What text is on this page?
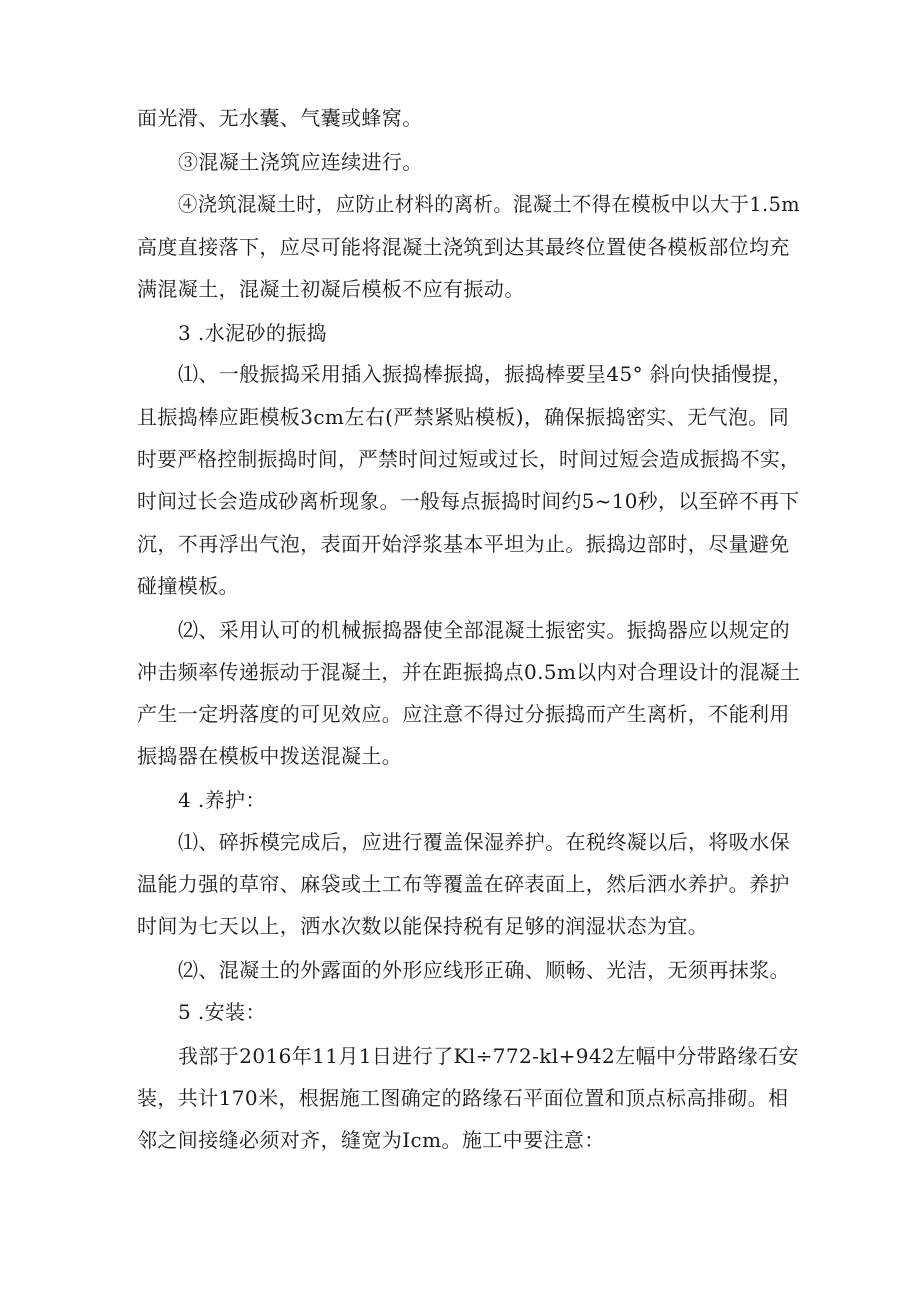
面光滑、无水囊、气囊或蜂窝。
③混凝土浇筑应连续进行。
④浇筑混凝土时，应防止材料的离析。混凝土不得在模板中以大于1.5m
高度直接落下，应尽可能将混凝土浇筑到达其最终位置使各模板部位均充
满混凝土，混凝土初凝后模板不应有振动。
3 .水泥砂的振捣
⑴、一般振捣采用插入振捣棒振捣，振捣棒要呈45° 斜向快插慢提，
且振捣棒应距模板3cm左右(严禁紧贴模板)，确保振捣密实、无气泡。同
时要严格控制振捣时间，严禁时间过短或过长，时间过短会造成振捣不实，
时间过长会造成砂离析现象。一般每点振捣时间约5~10秒，以至碎不再下
沉，不再浮出气泡，表面开始浮浆基本平坦为止。振捣边部时，尽量避免
碰撞模板。
⑵、采用认可的机械振捣器使全部混凝土振密实。振捣器应以规定的
冲击频率传递振动于混凝土，并在距振捣点0.5m以内对合理设计的混凝土
产生一定坍落度的可见效应。应注意不得过分振捣而产生离析，不能利用
振捣器在模板中拨送混凝土。
4 .养护：
⑴、碎拆模完成后，应进行覆盖保湿养护。在税终凝以后，将吸水保
温能力强的草帘、麻袋或土工布等覆盖在碎表面上，然后洒水养护。养护
时间为七天以上，洒水次数以能保持税有足够的润湿状态为宜。
⑵、混凝土的外露面的外形应线形正确、顺畅、光洁，无须再抹浆。
5 .安装：
我部于2016年11月1日进行了Kl÷772-kl+942左幅中分带路缘石安
装，共计170米，根据施工图确定的路缘石平面位置和顶点标高排砌。相
邻之间接缝必须对齐，缝宽为Icm。施工中要注意：
